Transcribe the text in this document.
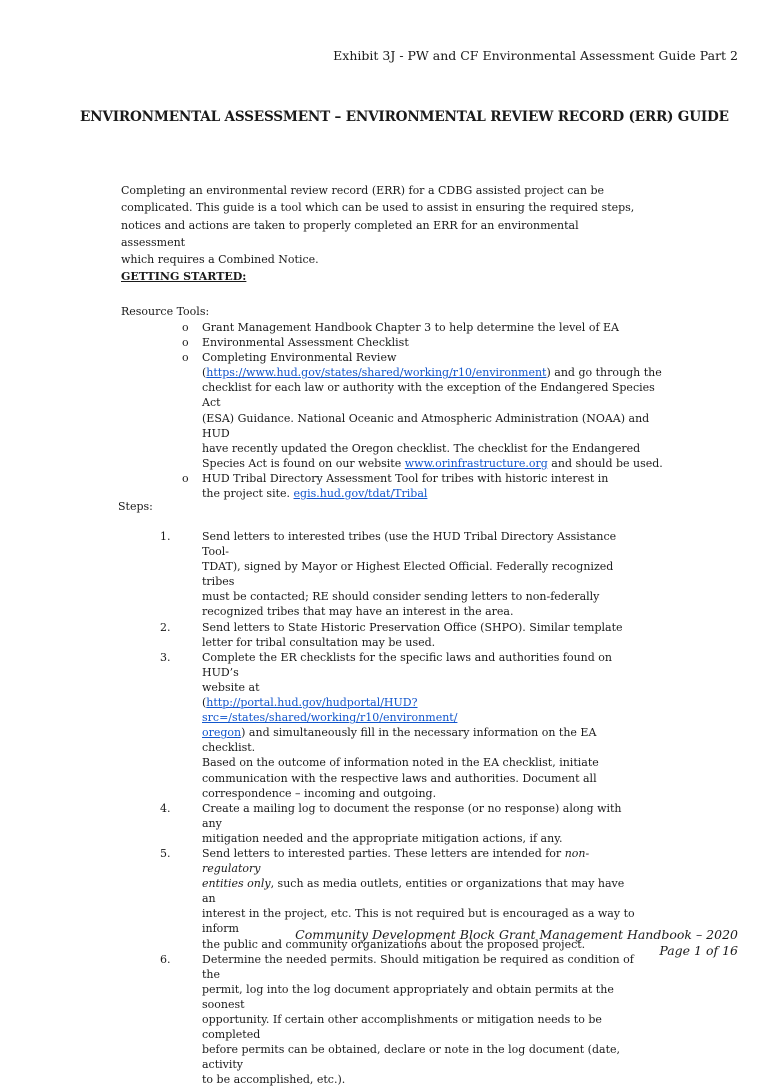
Exhibit 3J - PW and CF Environmental Assessment Guide Part 2
ENVIRONMENTAL ASSESSMENT – ENVIRONMENTAL REVIEW RECORD (ERR) GUIDE
Completing an environmental review record (ERR) for a CDBG assisted project can be
complicated. This guide is a tool which can be used to assist in ensuring the required steps,
notices and actions are taken to properly completed an ERR for an environmental assessment
which requires a Combined Notice.
GETTING STARTED:
Resource Tools:
o Grant Management Handbook Chapter 3 to help determine the level of EA
o Environmental Assessment Checklist
o Completing Environmental Review
(https://www.hud.gov/states/shared/working/r10/environment) and go through the
checklist for each law or authority with the exception of the Endangered Species Act
(ESA) Guidance. National Oceanic and Atmospheric Administration (NOAA) and HUD
have recently updated the Oregon checklist. The checklist for the Endangered
Species Act is found on our website www.orinfrastructure.org and should be used.
o HUD Tribal Directory Assessment Tool for tribes with historic interest in
the project site. egis.hud.gov/tdat/Tribal
Steps:
1.	Send letters to interested tribes (use the HUD Tribal Directory Assistance Tool-
TDAT), signed by Mayor or Highest Elected Official. Federally recognized tribes
must be contacted; RE should consider sending letters to non-federally
recognized tribes that may have an interest in the area.
2.	Send letters to State Historic Preservation Office (SHPO). Similar template
letter for tribal consultation may be used.
3.	Complete the ER checklists for the specific laws and authorities found on HUD’s
website at
(http://portal.hud.gov/hudportal/HUD?src=/states/shared/working/r10/environment/
oregon) and simultaneously fill in the necessary information on the EA checklist.
Based on the outcome of information noted in the EA checklist, initiate
communication with the respective laws and authorities. Document all
correspondence – incoming and outgoing.
4.	Create a mailing log to document the response (or no response) along with any
mitigation needed and the appropriate mitigation actions, if any.
5.	Send letters to interested parties. These letters are intended for non-regulatory
entities only, such as media outlets, entities or organizations that may have an
interest in the project, etc. This is not required but is encouraged as a way to inform
the public and community organizations about the proposed project.
6.	Determine the needed permits. Should mitigation be required as condition of the
permit, log into the log document appropriately and obtain permits at the soonest
opportunity. If certain other accomplishments or mitigation needs to be completed
before permits can be obtained, declare or note in the log document (date, activity
to be accomplished, etc.).
Community Development Block Grant Management Handbook – 2020
Page 1 of 16
